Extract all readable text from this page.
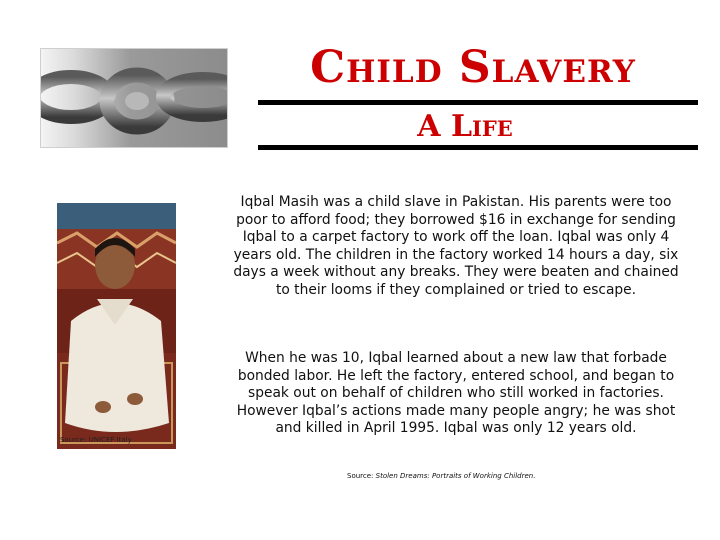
Child Slavery
A Life
Source: UNICEF Italy

Iqbal Masih was a child slave in Pakistan. His parents were too poor to afford food; they borrowed $16 in exchange for sending Iqbal to a carpet factory to work off the loan. Iqbal was only 4 years old. The children in the factory worked 14 hours a day, six days a week without any breaks. They were beaten and chained to their looms if they complained or tried to escape.

When he was 10, Iqbal learned about a new law that forbade bonded labor. He left the factory, entered school, and began to speak out on behalf of children who still worked in factories. However Iqbal’s actions made many people angry; he was shot and killed in April 1995. Iqbal was only 12 years old.

Source: Stolen Dreams: Portraits of Working Children.
